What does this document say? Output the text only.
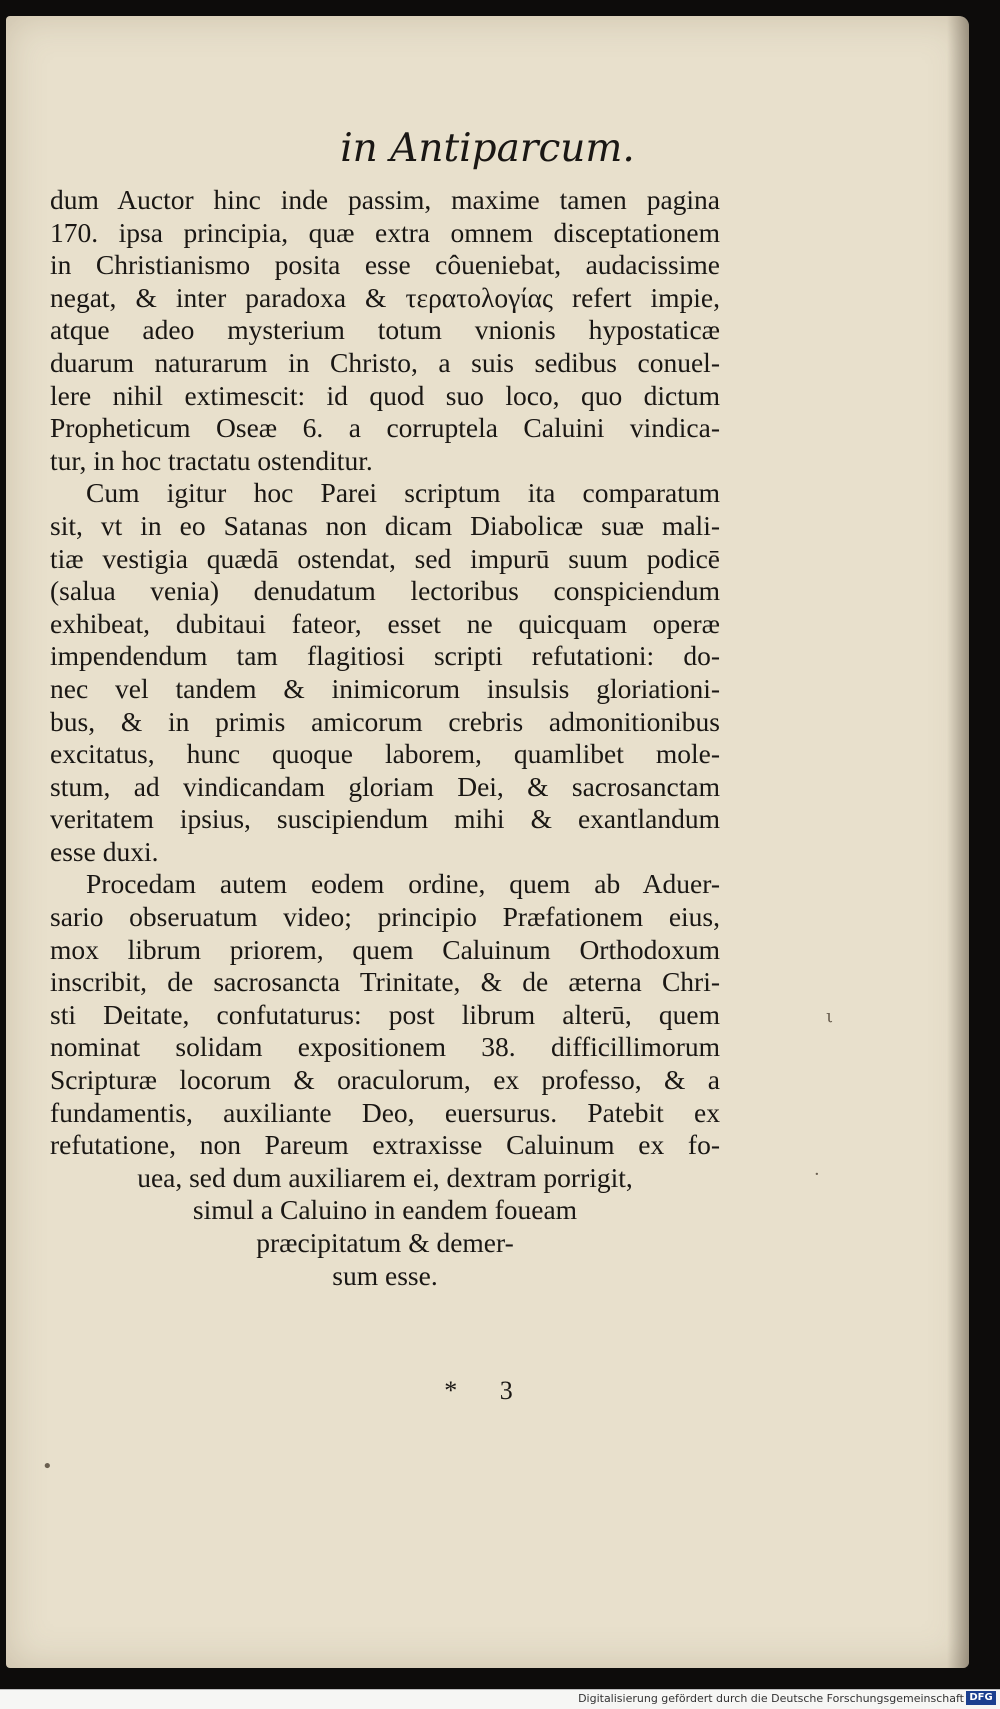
in Antiparcum.
dum Auctor hinc inde passim, maxime tamen pagina
170. ipsa principia, quæ extra omnem disceptationem
in Christianismo posita esse côueniebat, audacissime
negat, & inter paradoxa & τερατολογίας refert impie,
atque adeo mysterium totum vnionis hypostaticæ
duarum naturarum in Christo, a suis sedibus conuel-
lere nihil extimescit: id quod suo loco, quo dictum
Propheticum Oseæ 6. a corruptela Caluini vindica-
tur, in hoc tractatu ostenditur.
Cum igitur hoc Parei scriptum ita comparatum
sit, vt in eo Satanas non dicam Diabolicæ suæ mali-
tiæ vestigia quædā ostendat, sed impurū suum podicē
(salua venia) denudatum lectoribus conspiciendum
exhibeat, dubitaui fateor, esset ne quicquam operæ
impendendum tam flagitiosi scripti refutationi: do-
nec vel tandem & inimicorum insulsis gloriationi-
bus, & in primis amicorum crebris admonitionibus
excitatus, hunc quoque laborem, quamlibet mole-
stum, ad vindicandam gloriam Dei, & sacrosanctam
veritatem ipsius, suscipiendum mihi & exantlandum
esse duxi.
Procedam autem eodem ordine, quem ab Aduer-
sario obseruatum video; principio Præfationem eius,
mox librum priorem, quem Caluinum Orthodoxum
inscribit, de sacrosancta Trinitate, & de æterna Chri-
sti Deitate, confutaturus: post librum alterū, quem
nominat solidam expositionem 38. difficillimorum
Scripturæ locorum & oraculorum, ex professo, & a
fundamentis, auxiliante Deo, euersurus. Patebit ex
refutatione, non Pareum extraxisse Caluinum ex fo-
uea, sed dum auxiliarem ei, dextram porrigit,
simul a Caluino in eandem foueam
præcipitatum & demer-
sum esse.
* 3
ι
·
•
Digitalisierung gefördert durch die Deutsche Forschungsgemeinschaft DFG
